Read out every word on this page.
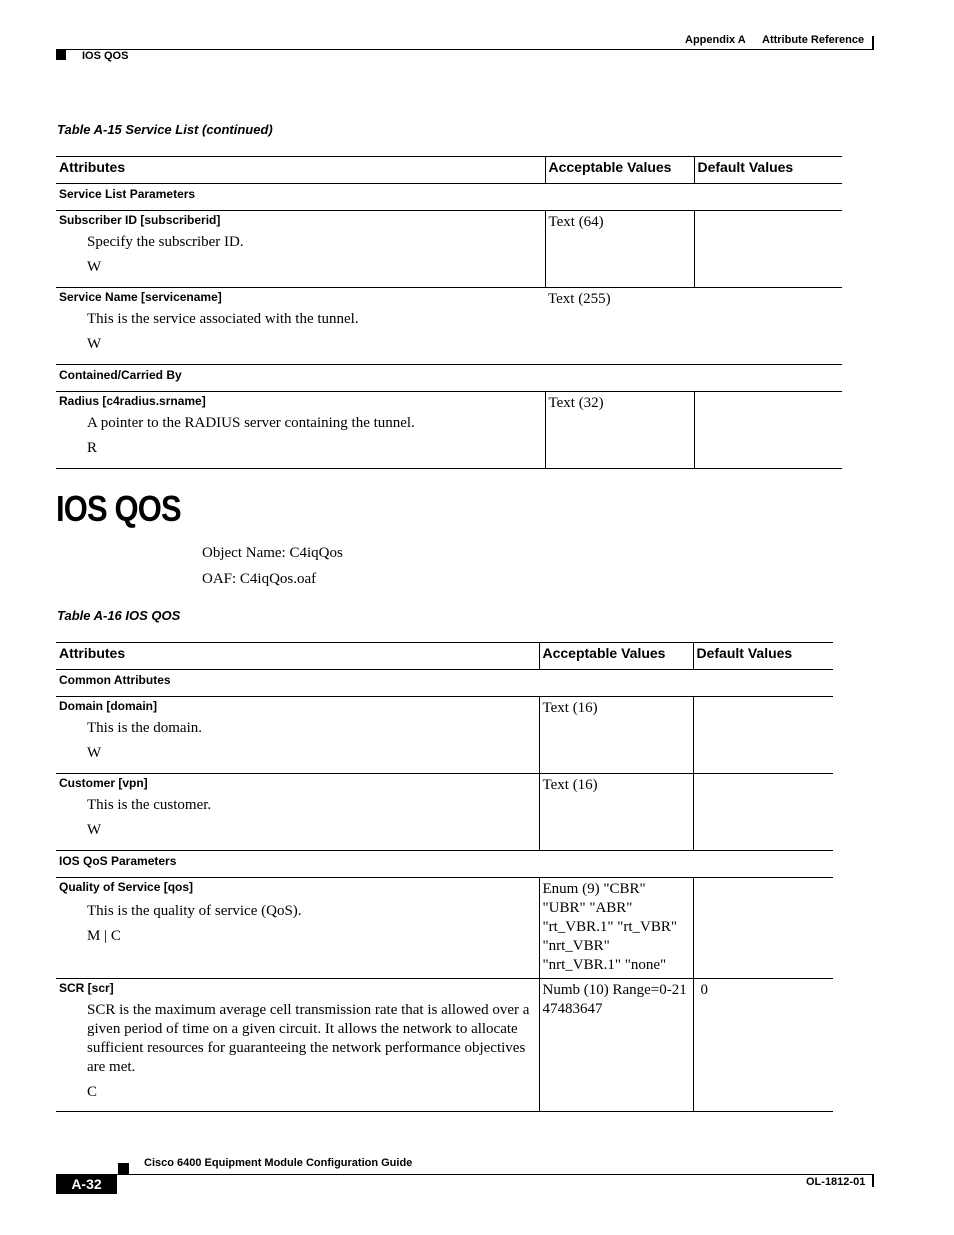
Appendix A Attribute Reference
IOS QOS
Table A-15 Service List (continued)
Attributes	Acceptable Values	Default Values
Service List Parameters		

Subscriber ID [subscriberid]
Specify the subscriber ID.
W	Text (64)	

Service Name [servicename]
This is the service associated with the tunnel.
W	Text (255)	

Contained/Carried By		

Radius [c4radius.srname]
A pointer to the RADIUS server containing the tunnel.
R	Text (32)	

IOS QOS
Object Name: C4iqQos
OAF: C4iqQos.oaf
Table A-16 IOS QOS
Attributes	Acceptable Values	Default Values
Common Attributes		

Domain [domain]
This is the domain.
W	Text (16)	

Customer [vpn]
This is the customer.
W	Text (16)	

IOS QoS Parameters		

Quality of Service [qos]
This is the quality of service (QoS).
M | C	Enum (9) "CBR" "UBR" "ABR" "rt_VBR.1" "rt_VBR" "nrt_VBR" "nrt_VBR.1" "none"	

SCR [scr]
SCR is the maximum average cell transmission rate that is allowed over a given period of time on a given circuit. It allows the network to allocate sufficient resources for guaranteeing the network performance objectives are met.
C	Numb (10) Range=0-2147483647	0
A-32
Cisco 6400 Equipment Module Configuration Guide
OL-1812-01
